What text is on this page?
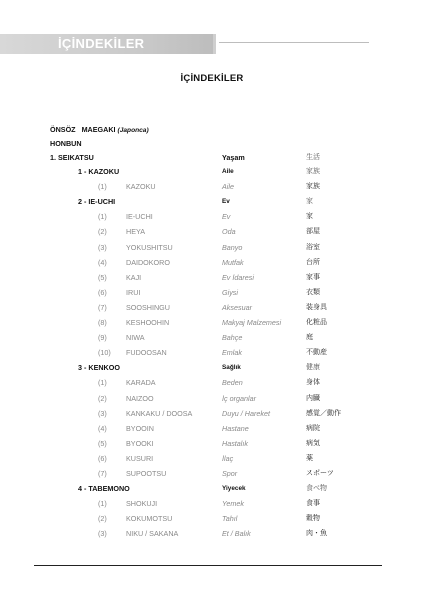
İÇİNDEKİLER
İÇİNDEKİLER
ÖNSÖZ MAEGAKI (Japonca)
HONBUN
1. SEIKATSU	Yaşam	生活
1 - KAZOKU	Aile	家族
(1)	KAZOKU	Aile	家族
2 - IE-UCHI	Ev	家
(1)	IE-UCHI	Ev	家
(2)	HEYA	Oda	部屋
(3)	YOKUSHITSU	Banyo	浴室
(4)	DAIDOKORO	Mutfak	台所
(5)	KAJI	Ev İdaresi	家事
(6)	IRUI	Giysi	衣類
(7)	SOOSHINGU	Aksesuar	装身具
(8)	KESHOOHIN	Makyaj Malzemesi	化粧品
(9)	NIWA	Bahçe	庭
(10) FUDOOSAN	Emlak	不動産
3 - KENKOO	Sağlık	健康
(1)	KARADA	Beden	身体
(2)	NAIZOO	İç organlar	内臓
(3)	KANKAKU / DOOSA	Duyu / Hareket	感覚／動作
(4)	BYOOIN	Hastane	病院
(5)	BYOOKI	Hastalık	病気
(6)	KUSURI	İlaç	薬
(7)	SUPOOTSU	Spor	スポーツ
4 - TABEMONO	Yiyecek	食べ物
(1)	SHOKUJI	Yemek	食事
(2)	KOKUMOTSU	Tahıl	穀物
(3)	NIKU / SAKANA	Et / Balık	肉・魚
